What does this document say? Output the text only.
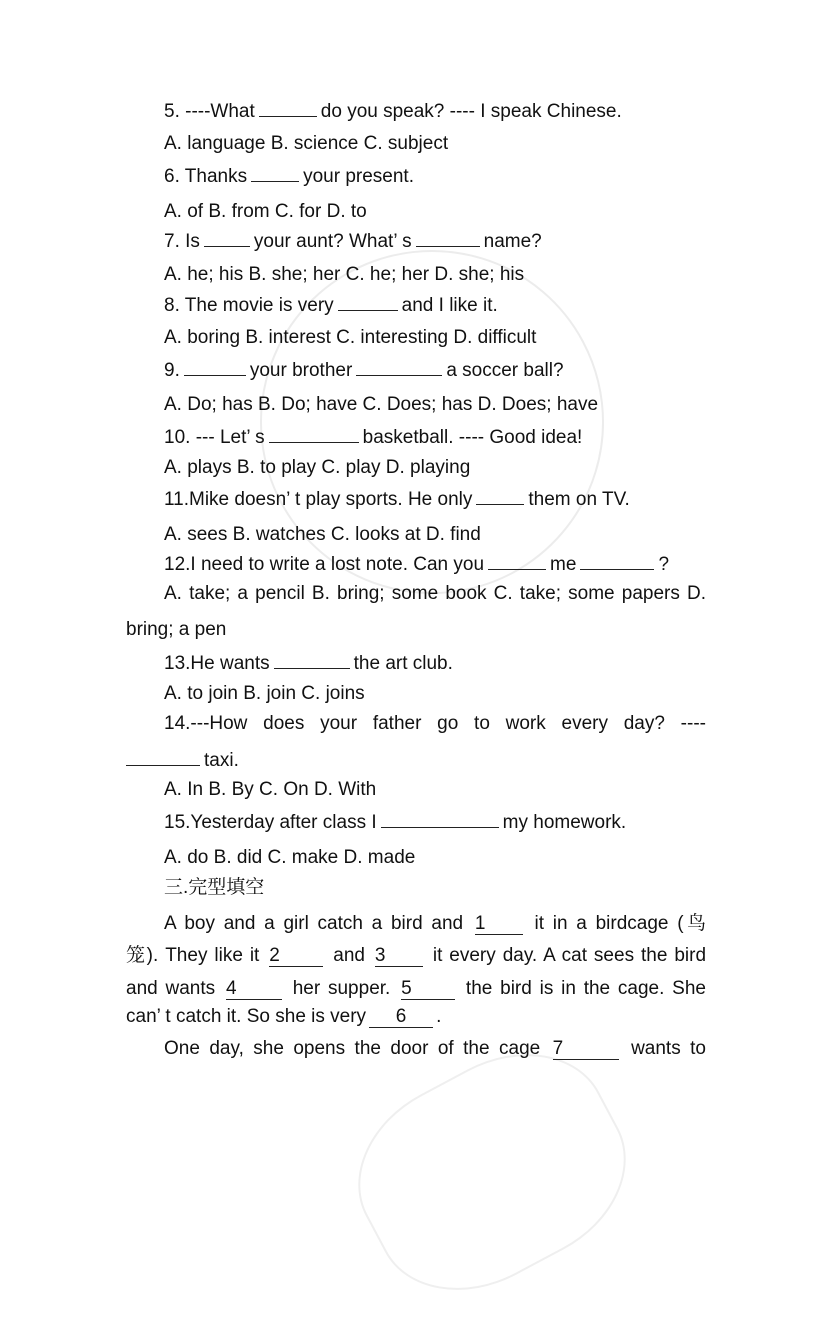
5. ----What	do you speak? ---- I speak Chinese.
A. language B. science C. subject
6. Thanks	your present.
A. of B. from C. for D. to
7. Is	your aunt? What’ s	name?
A. he; his B. she; her C. he; her D. she; his
8. The movie is very	and I like it.
A. boring B. interest C. interesting D. difficult
9.	your brother	a soccer ball?
A. Do; has B. Do; have C. Does; has D. Does; have
10. --- Let’ s	basketball. ---- Good idea!
A. plays B. to play C. play D. playing
11.Mike doesn’ t play sports. He only	them on TV.
A. sees B. watches C. looks at D. find
12.I need to write a lost note. Can you	me	?
A. take; a pencil B. bring; some book C. take; some papers D.
bring; a pen
13.He wants	the art club.
A. to join B. join C. joins
14.---How does your father go to work every day? ----
taxi.
A. In B. By C. On D. With
15.Yesterday after class I	my homework.
A. do B. did C. make D. made
三.完型填空
A boy and a girl catch a bird and 1	it in a birdcage (鸟
笼). They like it 2	and 3 it every day. A cat sees the bird
and wants 4	her supper. 5	the bird is in the cage. She
can’ t catch it. So she is very 6 .
One day, she opens the door of the cage 7	wants to
